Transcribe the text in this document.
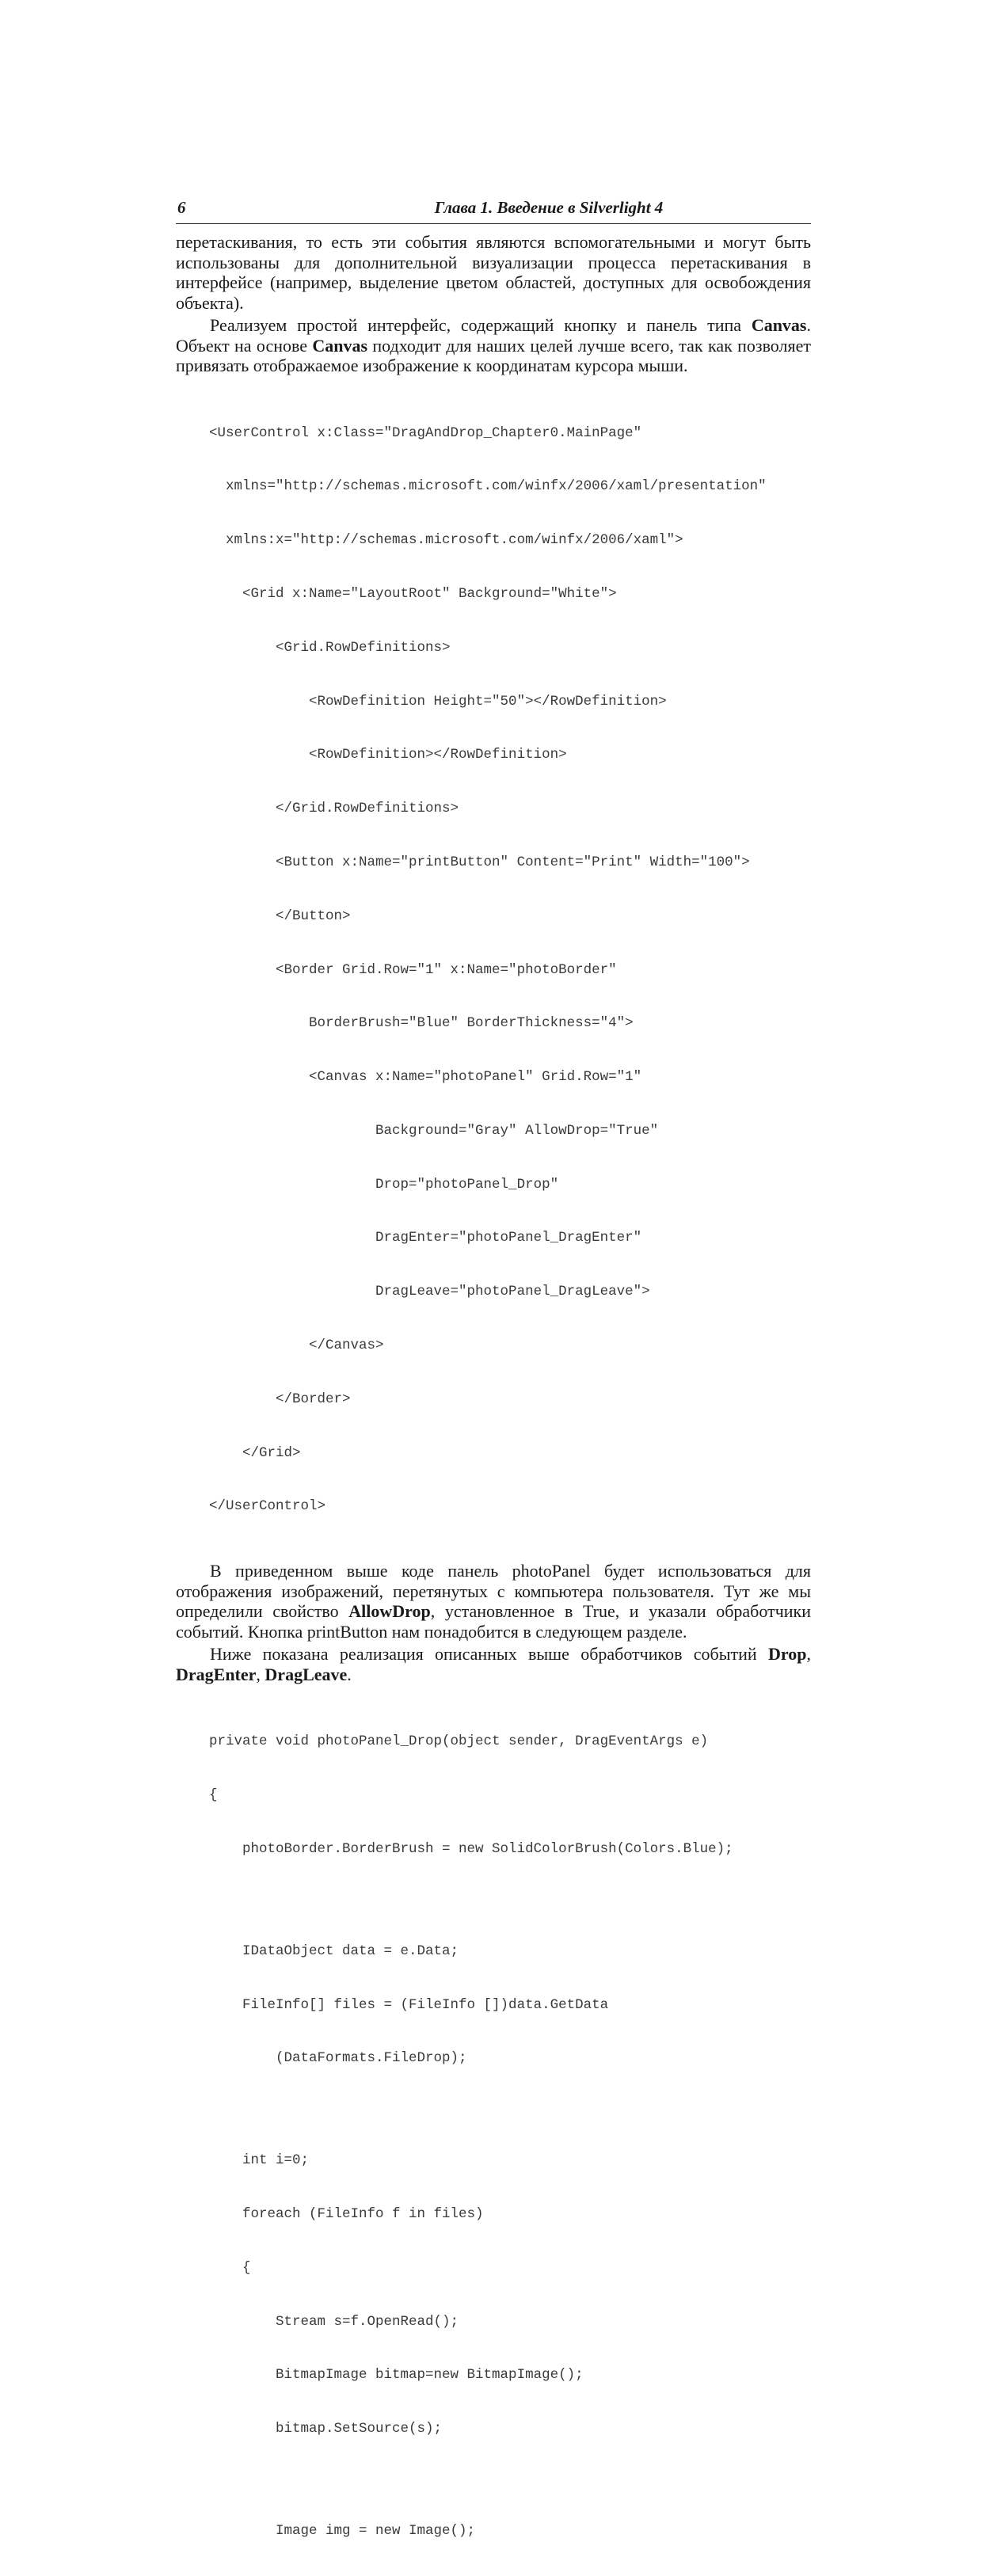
6	Глава 1. Введение в Silverlight 4

перетаскивания, то есть эти события являются вспомогательными и могут быть использованы для дополнительной визуализации процесса перетаскивания в интерфейсе (например, выделение цветом областей, доступных для освобождения объекта).

Реализуем простой интерфейс, содержащий кнопку и панель типа Canvas. Объект на основе Canvas подходит для наших целей лучше всего, так как позволяет привязать отображаемое изображение к координатам курсора мыши.

<UserControl x:Class="DragAndDrop_Chapter0.MainPage"

xmlns="http://schemas.microsoft.com/winfx/2006/xaml/presentation"

xmlns:x="http://schemas.microsoft.com/winfx/2006/xaml">

<Grid x:Name="LayoutRoot" Background="White">

<Grid.RowDefinitions>

<RowDefinition Height="50"></RowDefinition>

<RowDefinition></RowDefinition>

</Grid.RowDefinitions>

<Button x:Name="printButton" Content="Print" Width="100">

</Button>

<Border Grid.Row="1" x:Name="photoBorder"

BorderBrush="Blue" BorderThickness="4">

<Canvas x:Name="photoPanel" Grid.Row="1"

Background="Gray" AllowDrop="True"

Drop="photoPanel_Drop"

DragEnter="photoPanel_DragEnter"

DragLeave="photoPanel_DragLeave">

</Canvas>

</Border>

</Grid>

</UserControl>

В приведенном выше коде панель photoPanel будет использоваться для отображения изображений, перетянутых с компьютера пользователя. Тут же мы определили свойство AllowDrop, установленное в True, и указали обработчики событий. Кнопка printButton нам понадобится в следующем разделе.

Ниже показана реализация описанных выше обработчиков событий Drop, DragEnter, DragLeave.

private void photoPanel_Drop(object sender, DragEventArgs e)

{

photoBorder.BorderBrush = new SolidColorBrush(Colors.Blue);

IDataObject data = e.Data;

FileInfo[] files = (FileInfo [])data.GetData

(DataFormats.FileDrop);

int i=0;

foreach (FileInfo f in files)

{

Stream s=f.OpenRead();

BitmapImage bitmap=new BitmapImage();

bitmap.SetSource(s);

Image img = new Image();
